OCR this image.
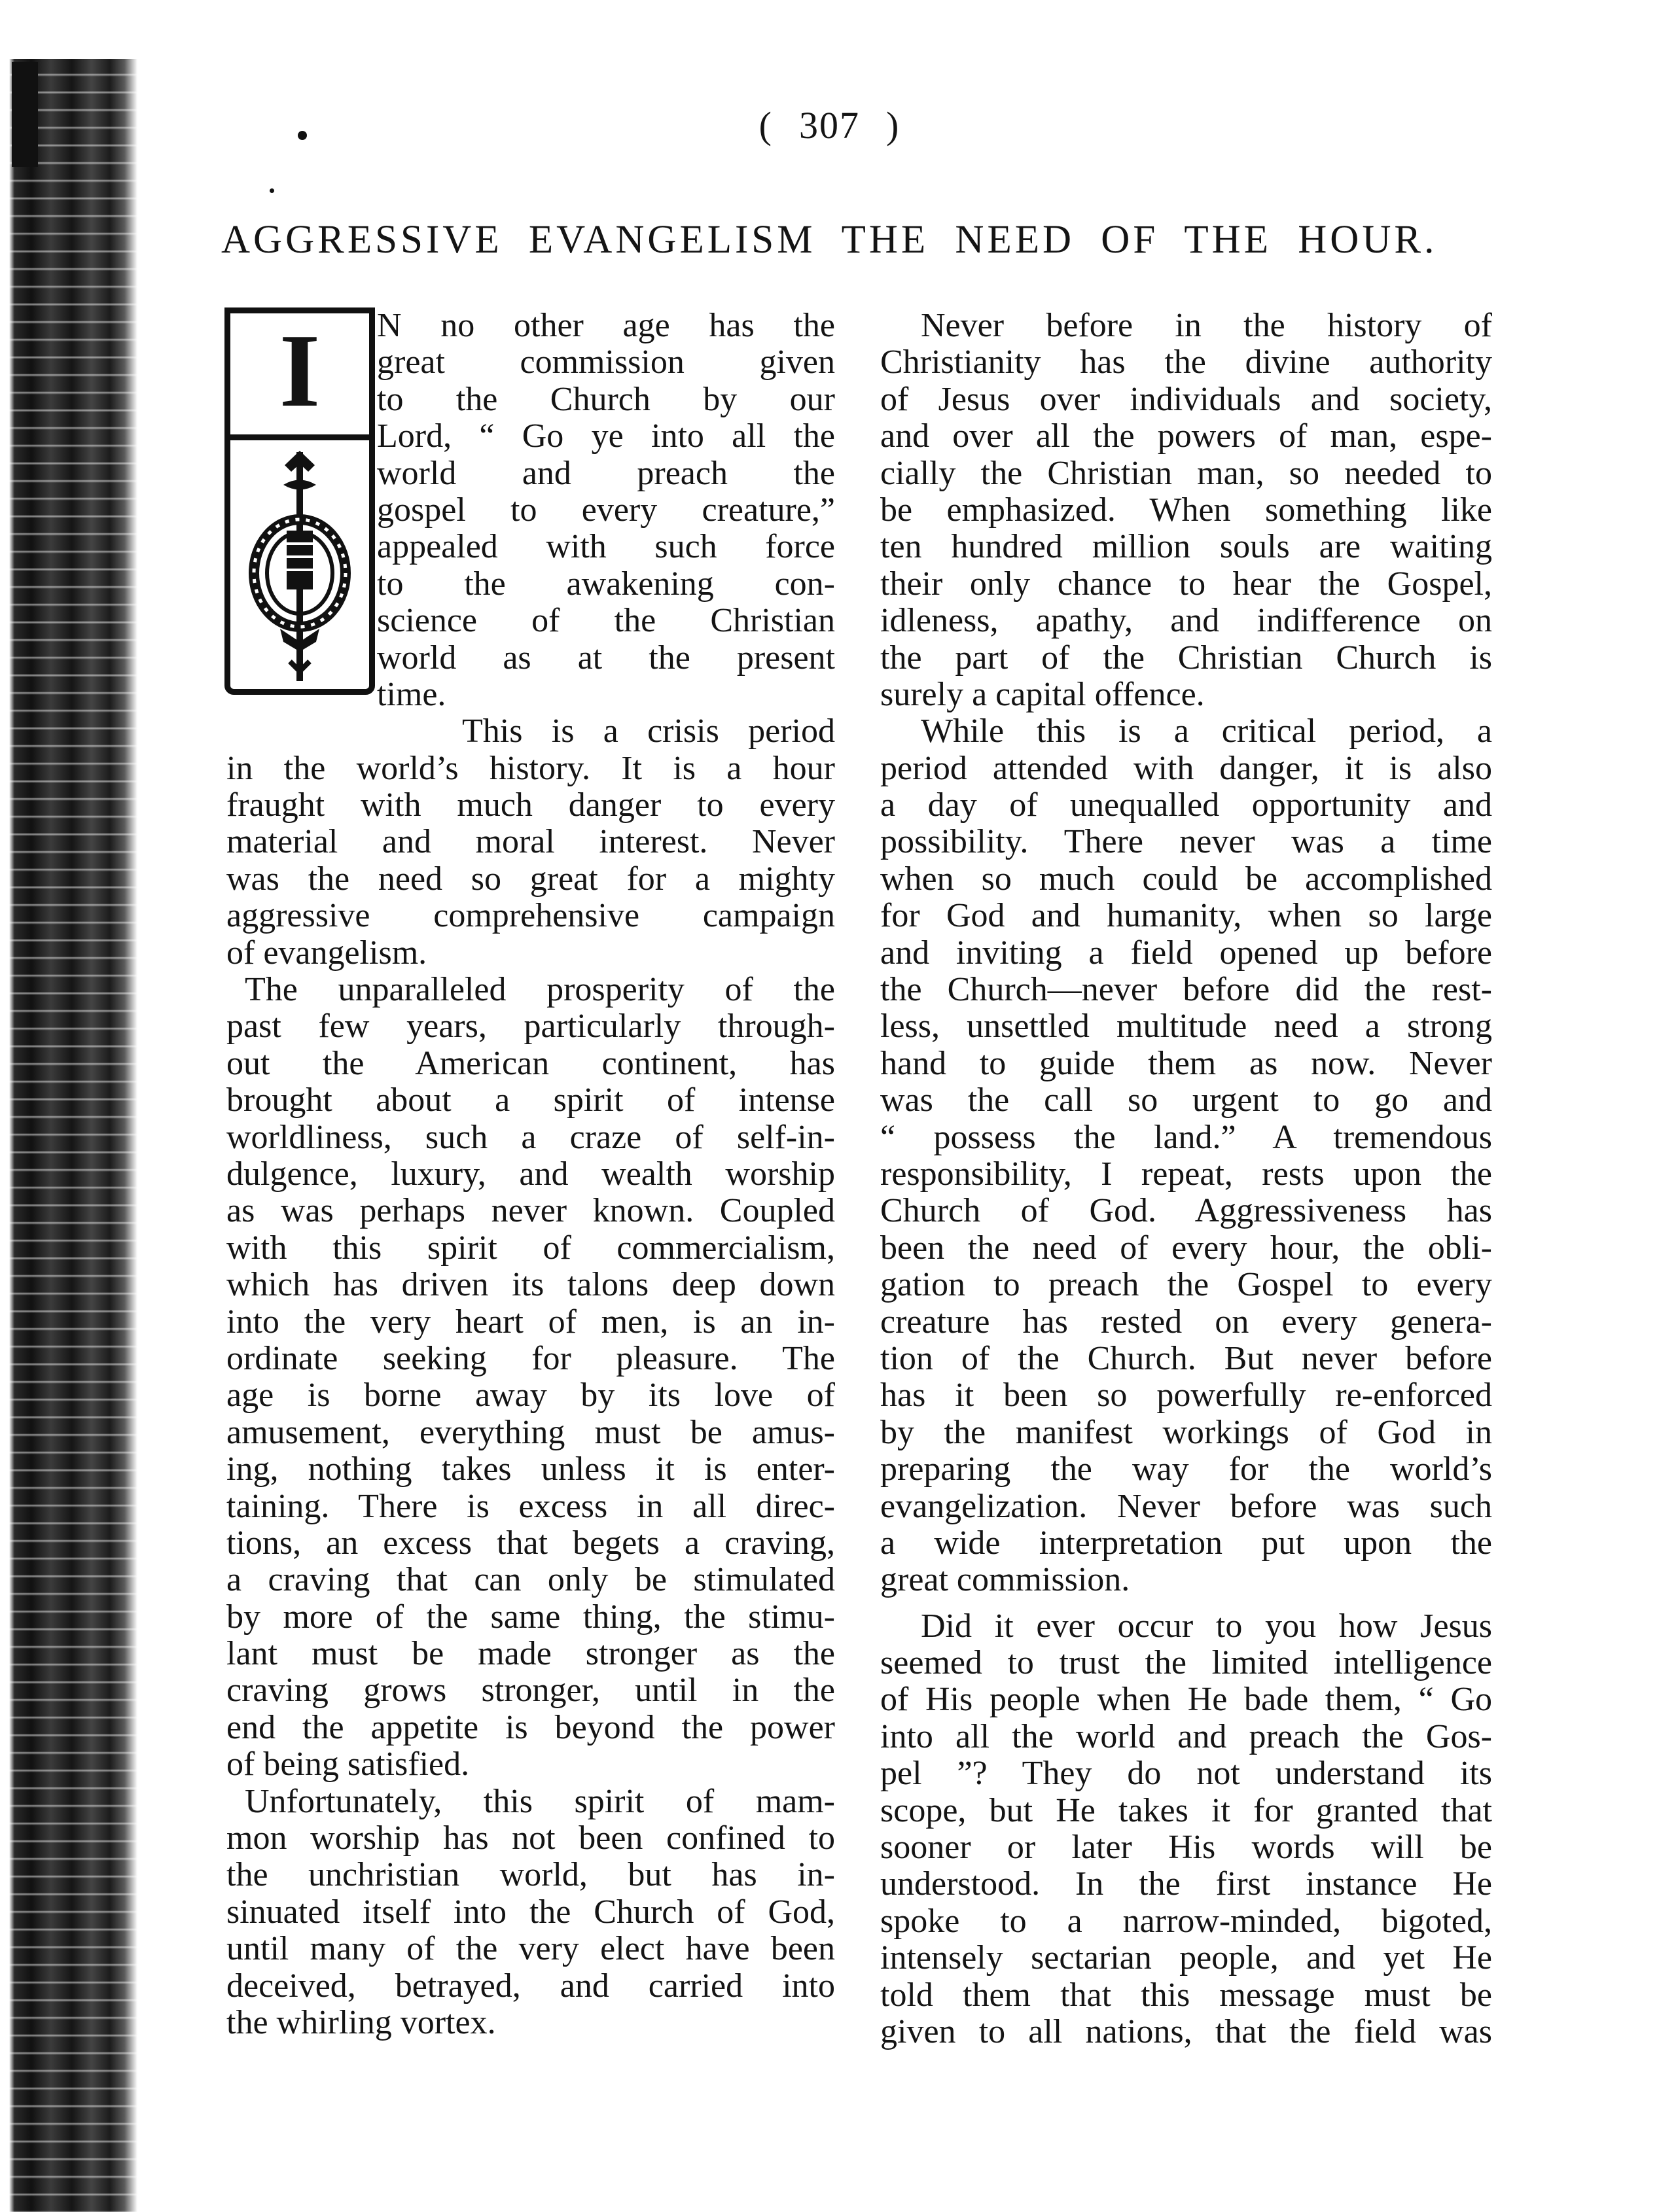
( 307 )
AGGRESSIVE EVANGELISM THE NEED OF THE HOUR.
I	N no other age has the
great commission given
to the Church by our
Lord, “ Go ye into all the
world and preach the
gospel to every creature,”
appealed with such force
to the awakening con-
science of the Christian
world as at the present
time.
This is a crisis period
in the world’s history. It is a hour
fraught with much danger to every
material and moral interest. Never
was the need so great for a mighty
aggressive comprehensive campaign
of evangelism.
The unparalleled prosperity of the
past few years, particularly through-
out the American continent, has
brought about a spirit of intense
worldliness, such a craze of self-in-
dulgence, luxury, and wealth worship
as was perhaps never known. Coupled
with this spirit of commercialism,
which has driven its talons deep down
into the very heart of men, is an in-
ordinate seeking for pleasure. The
age is borne away by its love of
amusement, everything must be amus-
ing, nothing takes unless it is enter-
taining. There is excess in all direc-
tions, an excess that begets a craving,
a craving that can only be stimulated
by more of the same thing, the stimu-
lant must be made stronger as the
craving grows stronger, until in the
end the appetite is beyond the power
of being satisfied.
Unfortunately, this spirit of mam-
mon worship has not been confined to
the unchristian world, but has in-
sinuated itself into the Church of God,
until many of the very elect have been
deceived, betrayed, and carried into
the whirling vortex.
Never before in the history of
Christianity has the divine authority
of Jesus over individuals and society,
and over all the powers of man, espe-
cially the Christian man, so needed to
be emphasized. When something like
ten hundred million souls are waiting
their only chance to hear the Gospel,
idleness, apathy, and indifference on
the part of the Christian Church is
surely a capital offence.
While this is a critical period, a
period attended with danger, it is also
a day of unequalled opportunity and
possibility. There never was a time
when so much could be accomplished
for God and humanity, when so large
and inviting a field opened up before
the Church—never before did the rest-
less, unsettled multitude need a strong
hand to guide them as now. Never
was the call so urgent to go and
“ possess the land.” A tremendous
responsibility, I repeat, rests upon the
Church of God. Aggressiveness has
been the need of every hour, the obli-
gation to preach the Gospel to every
creature has rested on every genera-
tion of the Church. But never before
has it been so powerfully re-enforced
by the manifest workings of God in
preparing the way for the world’s
evangelization. Never before was such
a wide interpretation put upon the
great commission.
Did it ever occur to you how Jesus
seemed to trust the limited intelligence
of His people when He bade them, “ Go
into all the world and preach the Gos-
pel ”? They do not understand its
scope, but He takes it for granted that
sooner or later His words will be
understood. In the first instance He
spoke to a narrow-minded, bigoted,
intensely sectarian people, and yet He
told them that this message must be
given to all nations, that the field was
